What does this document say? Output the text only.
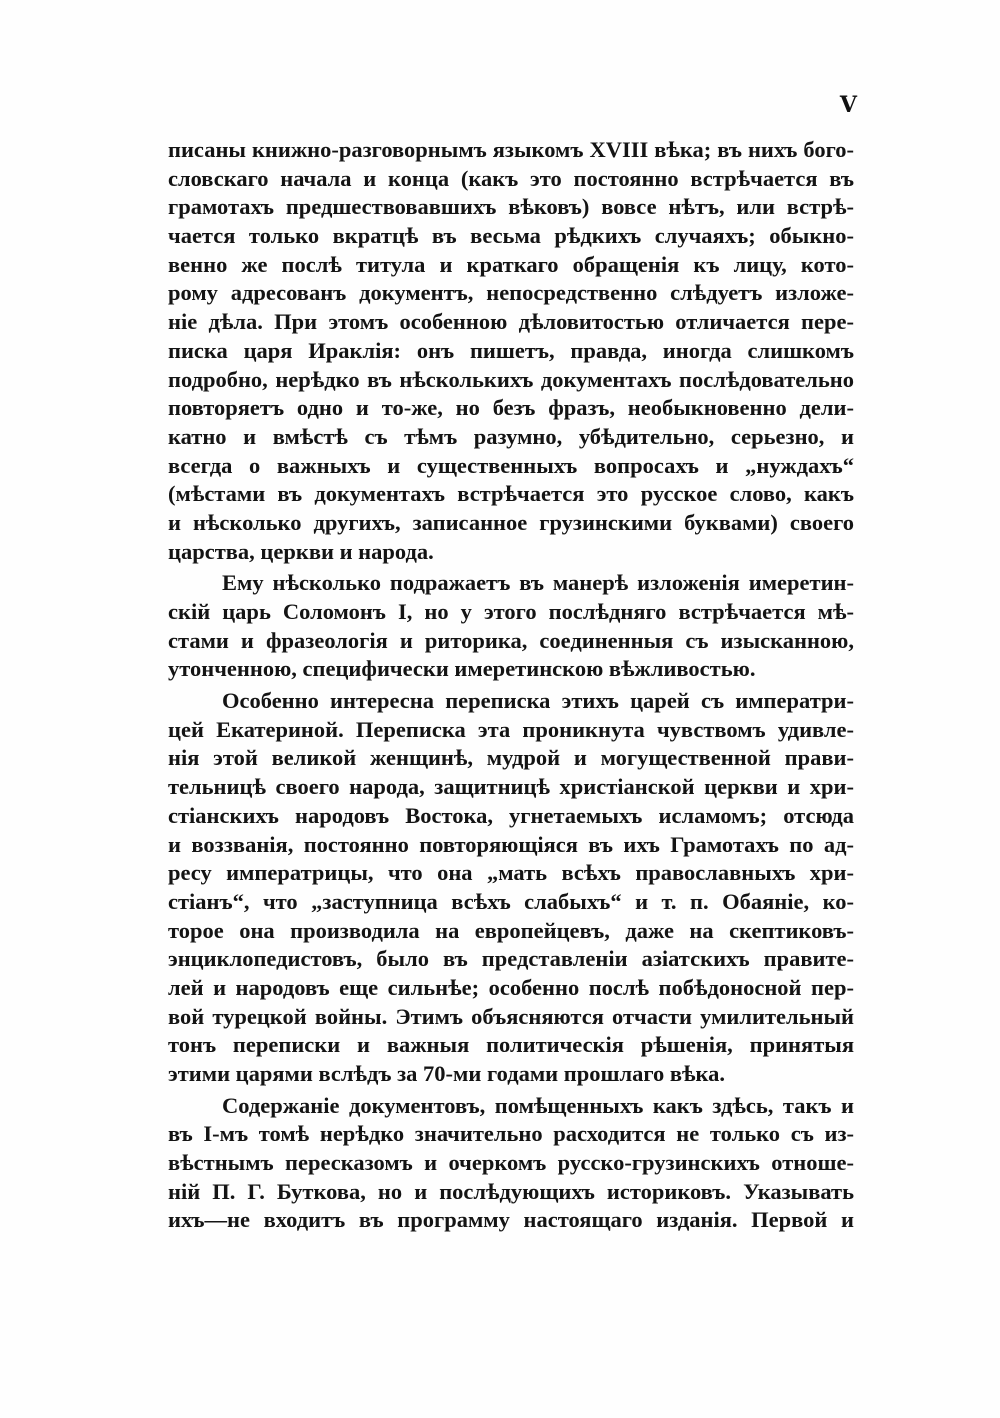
V
писаны книжно-разговорнымъ языкомъ XVIII вѣка; въ нихъ бого-
словскаго начала и конца (какъ это постоянно встрѣчается въ
грамотахъ предшествовавшихъ вѣковъ) вовсе нѣтъ, или встрѣ-
чается только вкратцѣ въ весьма рѣдкихъ случаяхъ; обыкно-
венно же послѣ титула и краткаго обращенія къ лицу, кото-
рому адресованъ документъ, непосредственно слѣдуетъ изложе-
ніе дѣла. При этомъ особенною дѣловитостью отличается пере-
писка царя Ираклія: онъ пишетъ, правда, иногда слишкомъ
подробно, нерѣдко въ нѣсколькихъ документахъ послѣдовательно
повторяетъ одно и то-же, но безъ фразъ, необыкновенно дели-
катно и вмѣстѣ съ тѣмъ разумно, убѣдительно, серьезно, и
всегда о важныхъ и существенныхъ вопросахъ и „нуждахъ“
(мѣстами въ документахъ встрѣчается это русское слово, какъ
и нѣсколько другихъ, записанное грузинскими буквами) своего
царства, церкви и народа.
Ему нѣсколько подражаетъ въ манерѣ изложенія имеретин-
скій царь Соломонъ I, но у этого послѣдняго встрѣчается мѣ-
стами и фразеологія и риторика, соединенныя съ изысканною,
утонченною, специфически имеретинскою вѣжливостью.
Особенно интересна переписка этихъ царей съ императри-
цей Екатериной. Переписка эта проникнута чувствомъ удивле-
нія этой великой женщинѣ, мудрой и могущественной прави-
тельницѣ своего народа, защитницѣ христіанской церкви и хри-
стіанскихъ народовъ Востока, угнетаемыхъ исламомъ; отсюда
и воззванія, постоянно повторяющіяся въ ихъ Грамотахъ по ад-
ресу императрицы, что она „мать всѣхъ православныхъ хри-
стіанъ“, что „заступница всѣхъ слабыхъ“ и т. п. Обаяніе, ко-
торое она производила на европейцевъ, даже на скептиковъ-
энциклопедистовъ, было въ представленіи азіатскихъ правите-
лей и народовъ еще сильнѣе; особенно послѣ побѣдоносной пер-
вой турецкой войны. Этимъ объясняются отчасти умилительный
тонъ переписки и важныя политическія рѣшенія, принятыя
этими царями вслѣдъ за 70-ми годами прошлаго вѣка.
Содержаніе документовъ, помѣщенныхъ какъ здѣсь, такъ и
въ I-мъ томѣ нерѣдко значительно расходится не только съ из-
вѣстнымъ пересказомъ и очеркомъ русско-грузинскихъ отноше-
ній П. Г. Буткова, но и послѣдующихъ историковъ. Указывать
ихъ—не входитъ въ программу настоящаго изданія. Первой и
